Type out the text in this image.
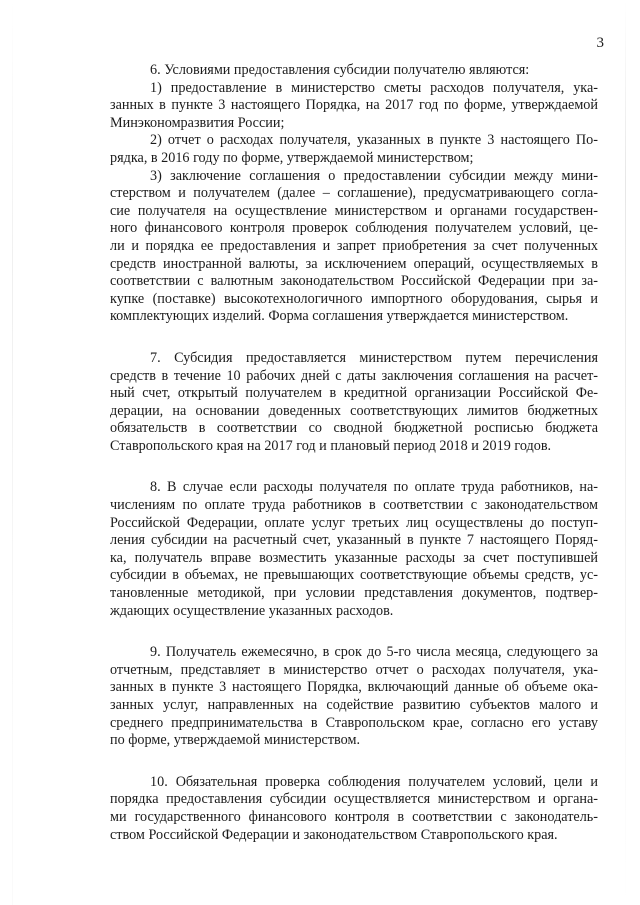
3

6. Условиями предоставления субсидии получателю являются:

1) предоставление в министерство сметы расходов получателя, ука-
занных в пункте 3 настоящего Порядка, на 2017 год по форме, утверждаемой
Минэкономразвития России;

2) отчет о расходах получателя, указанных в пункте 3 настоящего По-
рядка, в 2016 году по форме, утверждаемой министерством;

3) заключение соглашения о предоставлении субсидии между мини-
стерством и получателем (далее – соглашение), предусматривающего согла-
сие получателя на осуществление министерством и органами государствен-
ного финансового контроля проверок соблюдения получателем условий, це-
ли и порядка ее предоставления и запрет приобретения за счет полученных
средств иностранной валюты, за исключением операций, осуществляемых в
соответствии с валютным законодательством Российской Федерации при за-
купке (поставке) высокотехнологичного импортного оборудования, сырья и
комплектующих изделий. Форма соглашения утверждается министерством.

7. Субсидия предоставляется министерством путем перечисления
средств в течение 10 рабочих дней с даты заключения соглашения на расчет-
ный счет, открытый получателем в кредитной организации Российской Фе-
дерации, на основании доведенных соответствующих лимитов бюджетных
обязательств в соответствии со сводной бюджетной росписью бюджета
Ставропольского края на 2017 год и плановый период 2018 и 2019 годов.

8. В случае если расходы получателя по оплате труда работников, на-
числениям по оплате труда работников в соответствии с законодательством
Российской Федерации, оплате услуг третьих лиц осуществлены до поступ-
ления субсидии на расчетный счет, указанный в пункте 7 настоящего Поряд-
ка, получатель вправе возместить указанные расходы за счет поступившей
субсидии в объемах, не превышающих соответствующие объемы средств, ус-
тановленные методикой, при условии представления документов, подтвер-
ждающих осуществление указанных расходов.

9. Получатель ежемесячно, в срок до 5-го числа месяца, следующего за
отчетным, представляет в министерство отчет о расходах получателя, ука-
занных в пункте 3 настоящего Порядка, включающий данные об объеме ока-
занных услуг, направленных на содействие развитию субъектов малого и
среднего предпринимательства в Ставропольском крае, согласно его уставу
по форме, утверждаемой министерством.

10. Обязательная проверка соблюдения получателем условий, цели и
порядка предоставления субсидии осуществляется министерством и органа-
ми государственного финансового контроля в соответствии с законодатель-
ством Российской Федерации и законодательством Ставропольского края.
